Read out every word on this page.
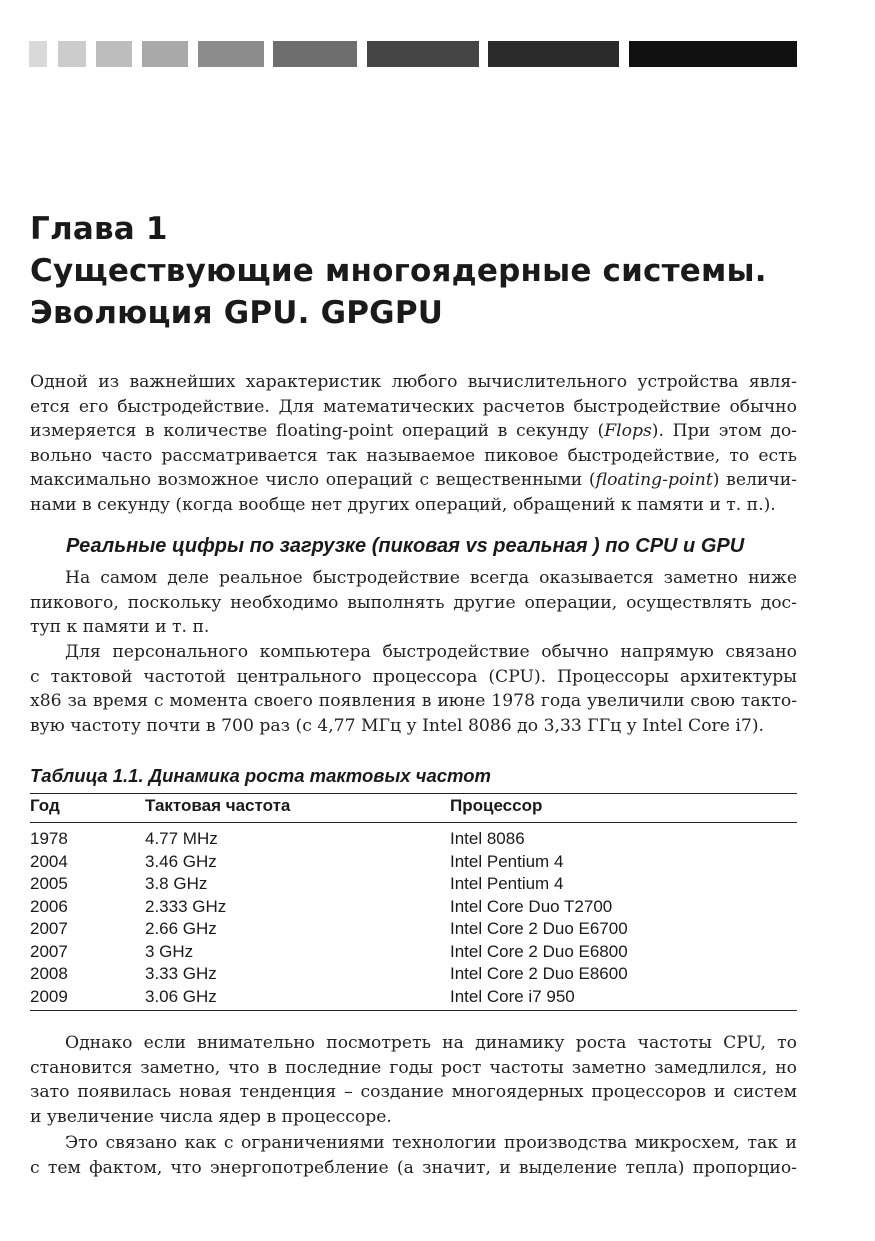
Глава 1
Существующие многоядерные системы.
Эволюция GPU. GPGPU
Одной из важнейших характеристик любого вычислительного устройства явля-
ется его быстродействие. Для математических расчетов быстродействие обычно
измеряется в количестве floating-point операций в секунду (Flops). При этом до-
вольно часто рассматривается так называемое пиковое быстродействие, то есть
максимально возможное число операций с вещественными (floating-point) величи-
нами в секунду (когда вообще нет других операций, обращений к памяти и т. п.).
Реальные цифры по загрузке (пиковая vs реальная ) по CPU и GPU
На самом деле реальное быстродействие всегда оказывается заметно ниже
пикового, поскольку необходимо выполнять другие операции, осуществлять дос-
туп к памяти и т. п.
Для персонального компьютера быстродействие обычно напрямую связано
с тактовой частотой центрального процессора (CPU). Процессоры архитектуры
x86 за время с момента своего появления в июне 1978 года увеличили свою такто-
вую частоту почти в 700 раз (с 4,77 МГц у Intel 8086 до 3,33 ГГц у Intel Core i7).
Таблица 1.1. Динамика роста тактовых частот
Год	Тактовая частота	Процессор
1978	4.77 MHz	Intel 8086
2004	3.46 GHz	Intel Pentium 4
2005	3.8 GHz	Intel Pentium 4
2006	2.333 GHz	Intel Core Duo T2700
2007	2.66 GHz	Intel Core 2 Duo E6700
2007	3 GHz	Intel Core 2 Duo E6800
2008	3.33 GHz	Intel Core 2 Duo E8600
2009	3.06 GHz	Intel Core i7 950
Однако если внимательно посмотреть на динамику роста частоты CPU, то
становится заметно, что в последние годы рост частоты заметно замедлился, но
зато появилась новая тенденция – создание многоядерных процессоров и систем
и увеличение числа ядер в процессоре.
Это связано как с ограничениями технологии производства микросхем, так и
с тем фактом, что энергопотребление (а значит, и выделение тепла) пропорцио-
